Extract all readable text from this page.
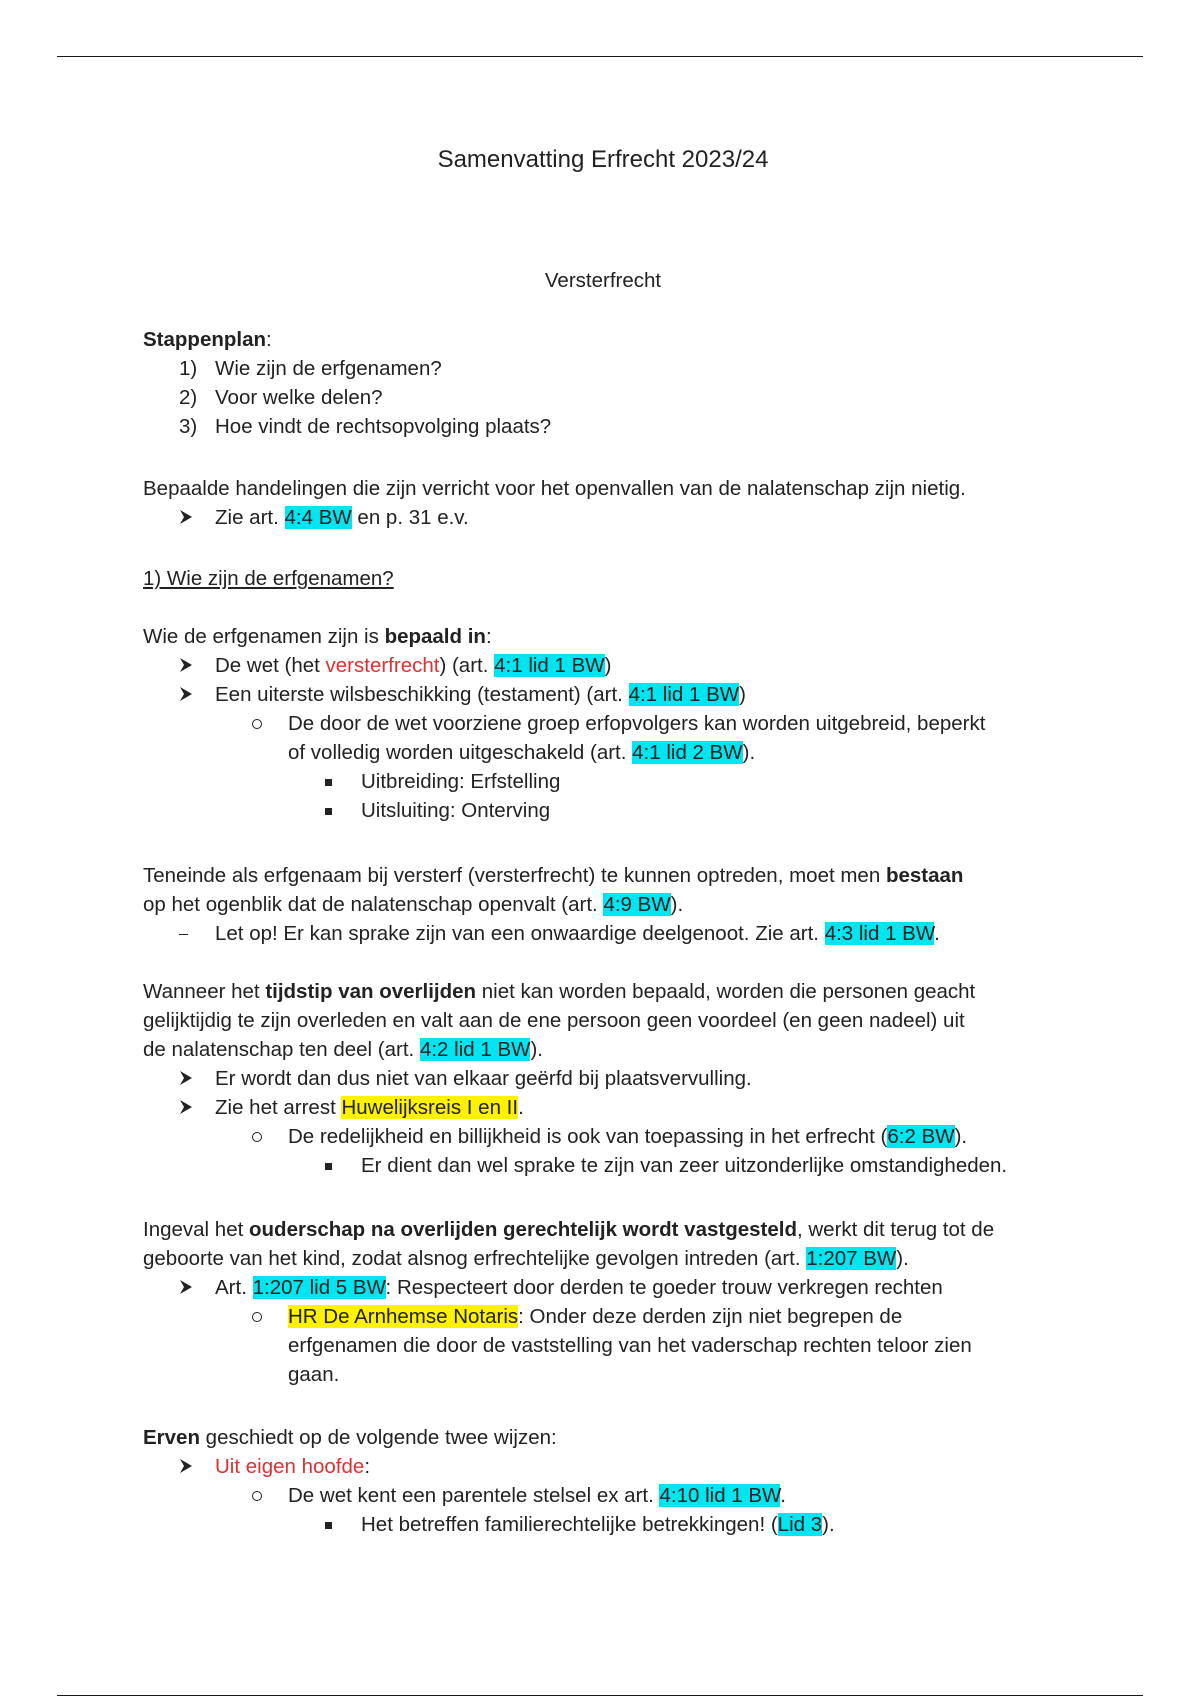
Samenvatting Erfrecht 2023/24
Versterfrecht

Stappenplan:

1) Wie zijn de erfgenamen?

2) Voor welke delen?

3) Hoe vindt de rechtsopvolging plaats?

Bepaalde handelingen die zijn verricht voor het openvallen van de nalatenschap zijn nietig.

Zie art. 4:4 BW en p. 31 e.v.

1) Wie zijn de erfgenamen?

Wie de erfgenamen zijn is bepaald in:

De wet (het versterfrecht) (art. 4:1 lid 1 BW)

Een uiterste wilsbeschikking (testament) (art. 4:1 lid 1 BW)

De door de wet voorziene groep erfopvolgers kan worden uitgebreid, beperkt
of volledig worden uitgeschakeld (art. 4:1 lid 2 BW).

Uitbreiding: Erfstelling

Uitsluiting: Onterving

Teneinde als erfgenaam bij versterf (versterfrecht) te kunnen optreden, moet men bestaan
op het ogenblik dat de nalatenschap openvalt (art. 4:9 BW).

Let op! Er kan sprake zijn van een onwaardige deelgenoot. Zie art. 4:3 lid 1 BW.

Wanneer het tijdstip van overlijden niet kan worden bepaald, worden die personen geacht
gelijktijdig te zijn overleden en valt aan de ene persoon geen voordeel (en geen nadeel) uit
de nalatenschap ten deel (art. 4:2 lid 1 BW).

Er wordt dan dus niet van elkaar geërfd bij plaatsvervulling.

Zie het arrest Huwelijksreis I en II.

De redelijkheid en billijkheid is ook van toepassing in het erfrecht (6:2 BW).

Er dient dan wel sprake te zijn van zeer uitzonderlijke omstandigheden.

Ingeval het ouderschap na overlijden gerechtelijk wordt vastgesteld, werkt dit terug tot de
geboorte van het kind, zodat alsnog erfrechtelijke gevolgen intreden (art. 1:207 BW).

Art. 1:207 lid 5 BW: Respecteert door derden te goeder trouw verkregen rechten

HR De Arnhemse Notaris: Onder deze derden zijn niet begrepen de
erfgenamen die door de vaststelling van het vaderschap rechten teloor zien
gaan.

Erven geschiedt op de volgende twee wijzen:

Uit eigen hoofde:

De wet kent een parentele stelsel ex art. 4:10 lid 1 BW.

Het betreffen familierechtelijke betrekkingen! (Lid 3).
